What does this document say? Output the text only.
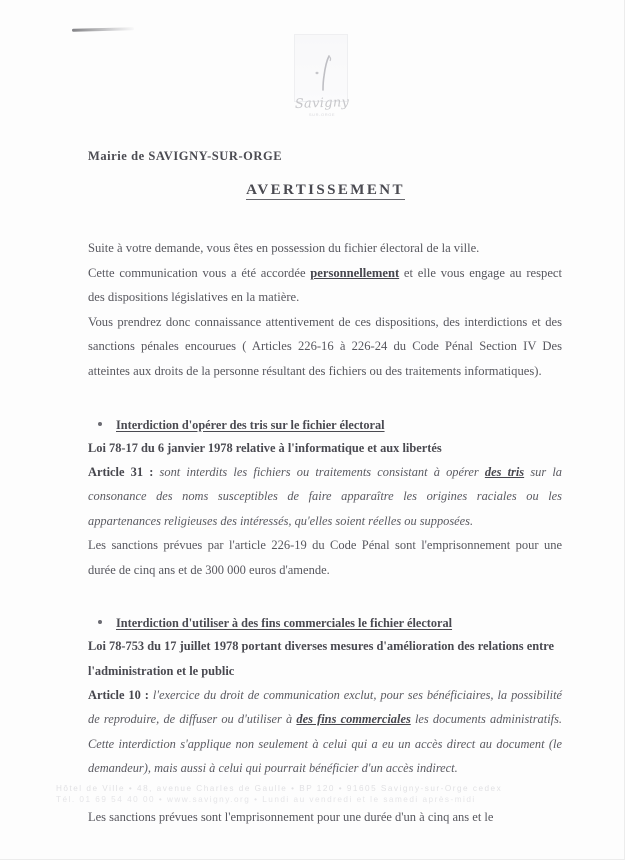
Savigny
SUR-ORGE
Mairie de SAVIGNY-SUR-ORGE
AVERTISSEMENT

Suite à votre demande, vous êtes en possession du fichier électoral de la ville.

Cette communication vous a été accordée personnellement et elle vous engage au respect des dispositions législatives en la matière.

Vous prendrez donc connaissance attentivement de ces dispositions, des interdictions et des sanctions pénales encourues ( Articles 226-16 à 226-24 du Code Pénal Section IV Des atteintes aux droits de la personne résultant des fichiers ou des traitements informatiques).

Interdiction d'opérer des tris sur le fichier électoral

Loi 78-17 du 6 janvier 1978 relative à l'informatique et aux libertés

Article 31 : sont interdits les fichiers ou traitements consistant à opérer des tris sur la consonance des noms susceptibles de faire apparaître les origines raciales ou les appartenances religieuses des intéressés, qu'elles soient réelles ou supposées.

Les sanctions prévues par l'article 226-19 du Code Pénal sont l'emprisonnement pour une durée de cinq ans et de 300 000 euros d'amende.

Interdiction d'utiliser à des fins commerciales le fichier électoral

Loi 78-753 du 17 juillet 1978 portant diverses mesures d'amélioration des relations entre l'administration et le public

Article 10 : l'exercice du droit de communication exclut, pour ses bénéficiaires, la possibilité de reproduire, de diffuser ou d'utiliser à des fins commerciales les documents administratifs. Cette interdiction s'applique non seulement à celui qui a eu un accès direct au document (le demandeur), mais aussi à celui qui pourrait bénéficier d'un accès indirect.

Les sanctions prévues sont l'emprisonnement pour une durée d'un à cinq ans et le

Hôtel de Ville • 48, avenue Charles de Gaulle • BP 120 • 91605 Savigny-sur-Orge cedex
Tél. 01 69 54 40 00 • www.savigny.org • Lundi au vendredi et le samedi après-midi
